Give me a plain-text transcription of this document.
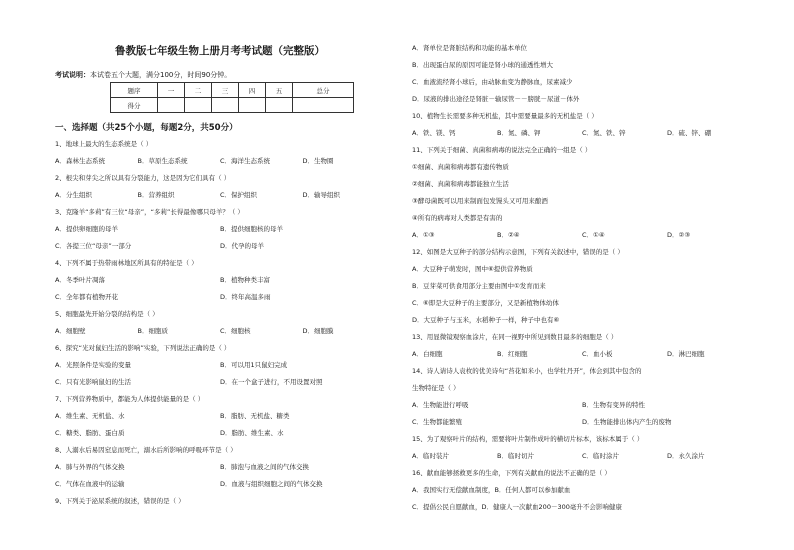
鲁教版七年级生物上册月考考试题（完整版）
考试说明：本试卷五个大题，满分100分，时间90分钟。
题序	一	二	三	四	五	总分
得分						
一、选择题（共25个小题，每题2分，共50分）
1、地球上最大的生态系统是（ ）
A．森林生态系统	B．草原生态系统	C．海洋生态系统	D．生物圈
2、根尖和芽尖之所以具有分裂能力，这是因为它们具有（ ）
A．分生组织	B．营养组织	C．保护组织	D．输导组织
3、克隆羊“多莉”有三位“母亲”，“多莉”长得最像哪只母羊？（ ）
A．提供卵细胞的母羊	B．提供细胞核的母羊
C．各提三位“母亲”一部分	D．代孕的母羊
4、下列不属于热带雨林地区所具有的特征是（ ）
A．冬季叶片凋落	B．植物种类丰富
C．全年都有植物开花	D．终年高温多雨
5、细胞最先开始分裂的结构是（ ）
A．细胞壁	B．细胞质	C．细胞核	D．细胞膜
6、探究“光对鼠妇生活的影响”实验，下列说法正确的是（ ）
A．光照条件是实验的变量	B．可以用1只鼠妇完成
C．只有光影响鼠妇的生活	D．在一个盒子进行，不用设置对照
7、下列营养物质中，都能为人体提供能量的是（ ）
A．维生素、无机盐、水	B．脂肪、无机盐、糖类
C．糖类、脂肪、蛋白质	D．脂肪、维生素、水
8、人溺水后易因窒息而死亡，溺水后所影响的呼吸环节是（ ）
A．肺与外界的气体交换	B．肺泡与血液之间的气体交换
C．气体在血液中的运输	D．血液与组织细胞之间的气体交换
9、下列关于泌尿系统的叙述，错误的是（ ）
A．肾单位是肾脏结构和功能的基本单位
B．出现蛋白尿的原因可能是肾小球的通透性增大
C．血液流经肾小球后，由动脉血变为静脉血，尿素减少
D．尿液的排出途径是肾脏－输尿管－－膀胱－尿道－体外
10、植物生长需要多种无机盐，其中需要量最多的无机盐是（ ）
A．铁、镁、钙	B．氮、磷、钾	C．氮、铁、锌	D．硫、锌、硼
11、下列关于细菌、真菌和病毒的说法完全正确的一组是（ ）
①细菌、真菌和病毒都有遗传物质
②细菌、真菌和病毒都能独立生活
③酵母菌既可以用来制面包发馒头又可用来酿酒
④所有的病毒对人类都是有害的
A．①③	B．②④	C．①④	D．②③
12、如图是大豆种子的部分结构示意图，下列有关叙述中，错误的是（ ）
A．大豆种子萌发时，图中⑥提供营养物质
B．豆芽菜可供食用部分主要由图中①发育而来
C．⑥即是大豆种子的主要部分，又是新植物体幼体
D．大豆种子与玉米，水稻种子一样，种子中也有⑥
13、用显微镜观察血涂片，在同一视野中所见到数目最多的细胞是（ ）
A．白细胞	B．红细胞	C．血小板	D．淋巴细胞
14、诗人请诗人袁枚的优美诗句“苔花如米小，也学牡丹开”，体会到其中包含的
生物特征是（ ）
A．生物能进行呼吸	B．生物有变异的特性
C．生物都能繁殖	D．生物能排出体内产生的废物
15、为了观察叶片的结构，需要将叶片制作成叶的横切片标本，该标本属于（ ）
A．临时装片	B．临时切片	C．临时涂片	D．永久涂片
16、献血能够拯救更多的生命，下列有关献血的说法不正确的是（ ）
A．我国实行无偿献血制度，B．任何人都可以参加献血
C．提倡公民自愿献血，D．健康人一次献血200－300毫升不会影响健康
